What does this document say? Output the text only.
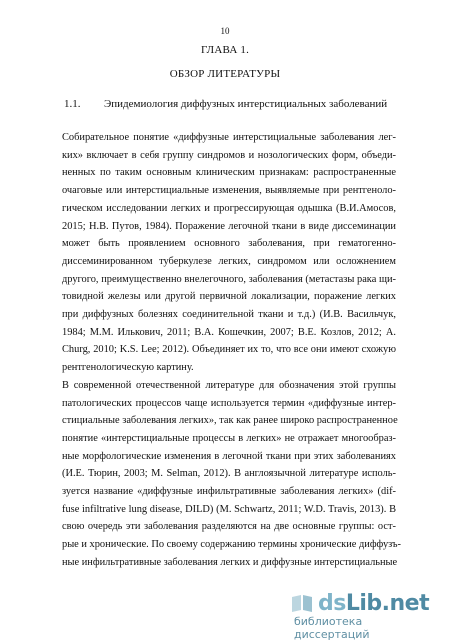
10
ГЛАВА 1.
ОБЗОР ЛИТЕРАТУРЫ
1.1. Эпидемиология диффузных интерстициальных заболеваний
Собирательное понятие «диффузные интерстициальные заболевания лег-
ких» включает в себя группу синдромов и нозологических форм, объеди-
ненных по таким основным клиническим признакам: распространенные
очаговые или интерстициальные изменения, выявляемые при рентгеноло-
гическом исследовании легких и прогрессирующая одышка (В.И.Амосов,
2015; Н.В. Путов, 1984). Поражение легочной ткани в виде диссеминации
может быть проявлением основного заболевания, при гематогенно-
диссеминированном туберкулезе легких, синдромом или осложнением
другого, преимущественно внелегочного, заболевания (метастазы рака щи-
товидной железы или другой первичной локализации, поражение легких
при диффузных болезнях соединительной ткани и т.д.) (И.В. Васильчук,
1984; М.М. Илькович, 2011; В.А. Кошечкин, 2007; В.Е. Козлов, 2012; A.
Churg, 2010; K.S. Lee; 2012). Объединяет их то, что все они имеют схожую
рентгенологическую картину.
В современной отечественной литературе для обозначения этой группы
патологических процессов чаще используется термин «диффузные интер-
стициальные заболевания легких», так как ранее широко распространенное
понятие «интерстициальные процессы в легких» не отражает многообраз-
ные морфологические изменения в легочной ткани при этих заболеваниях
(И.Е. Тюрин, 2003; M. Selman, 2012). В англоязычной литературе исполь-
зуется название «диффузные инфильтративные заболевания легких» (dif-
fuse infiltrative lung disease, DILD) (M. Schwartz, 2011; W.D. Travis, 2013). В
свою очередь эти заболевания разделяются на две основные группы: ост-
рые и хронические. По своему содержанию термины хронические диффузъ-
ные инфильтративные заболевания легких и диффузные интерстициальные
dsLib.net
библиотека диссертаций
